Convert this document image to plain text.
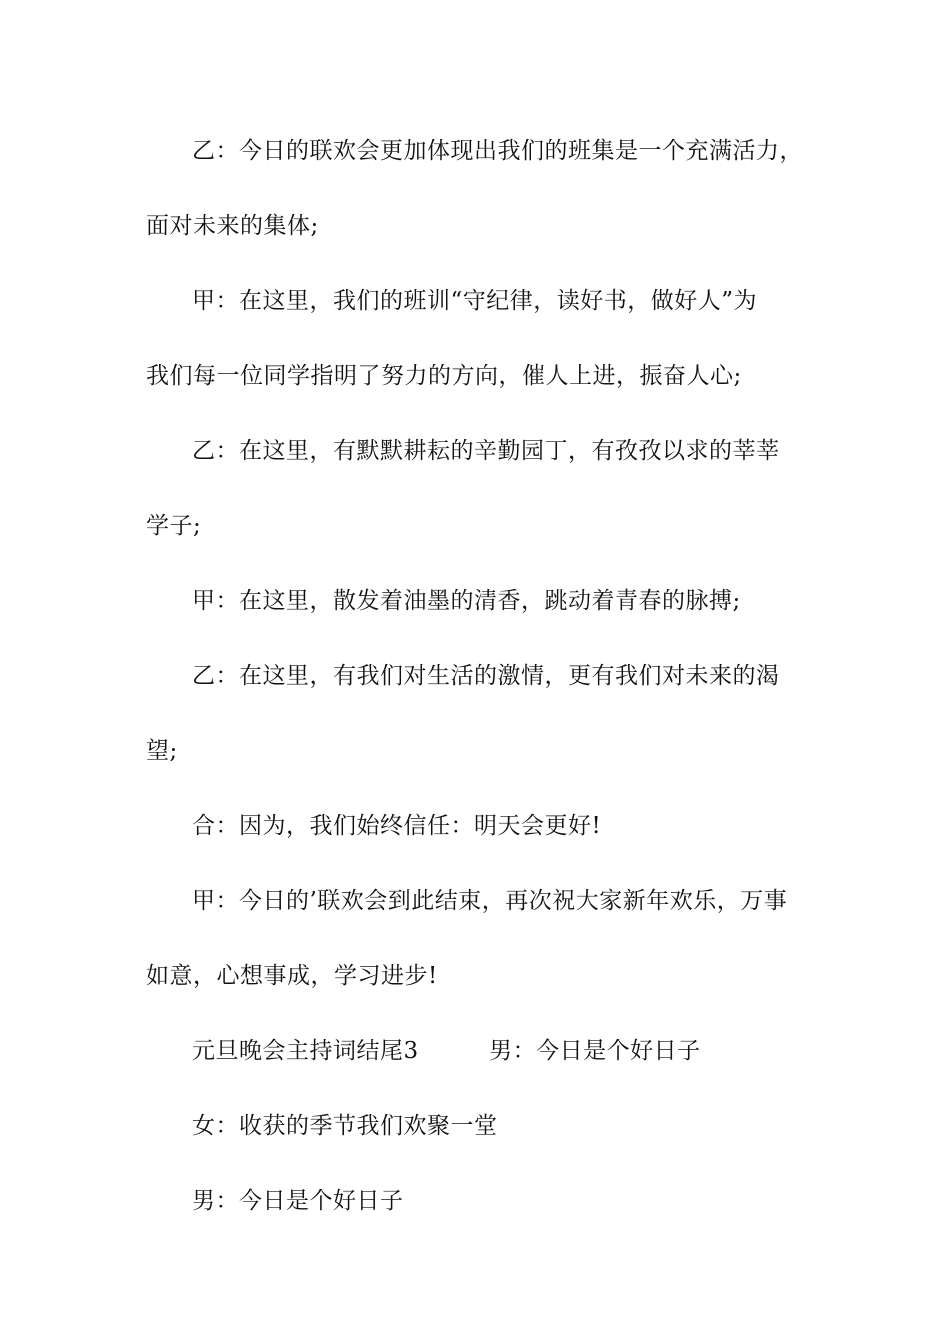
乙：今日的联欢会更加体现出我们的班集是一个充满活力，

面对未来的集体;

甲：在这里，我们的班训“守纪律，读好书，做好人”为

我们每一位同学指明了努力的方向，催人上进，振奋人心;

乙：在这里，有默默耕耘的辛勤园丁，有孜孜以求的莘莘

学子;

甲：在这里，散发着油墨的清香，跳动着青春的脉搏;

乙：在这里，有我们对生活的激情，更有我们对未来的渴

望;

合：因为，我们始终信任：明天会更好!

甲：今日的’联欢会到此结束，再次祝大家新年欢乐，万事

如意，心想事成，学习进步!

元旦晚会主持词结尾3　　　男：今日是个好日子

女：收获的季节我们欢聚一堂

男：今日是个好日子
